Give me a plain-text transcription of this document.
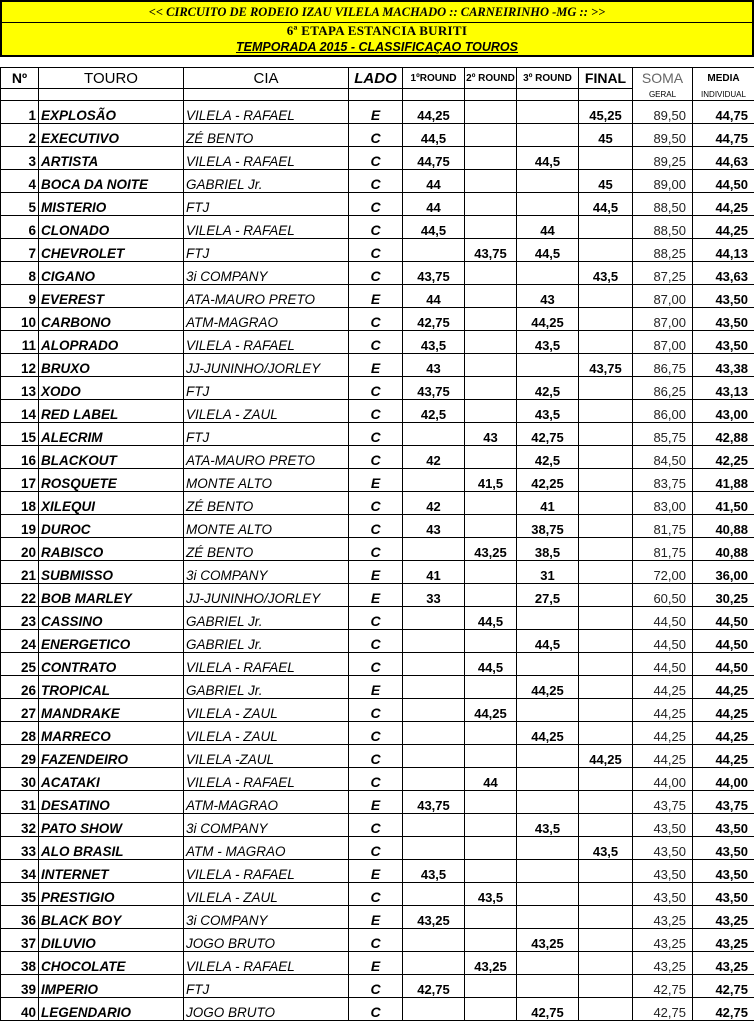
<< CIRCUITO DE RODEIO IZAU VILELA MACHADO :: CARNEIRINHO -MG :: >>
6ª ETAPA ESTANCIA BURITI
TEMPORADA 2015 - CLASSIFICAÇAO TOUROS
Nº	TOURO	CIA	LADO	1ºROUND	2º ROUND	3º ROUND	FINAL	SOMA	MEDIA
								GERAL	INDIVIDUAL
1	EXPLOSÃO	VILELA - RAFAEL	E	44,25			45,25	89,50	44,75
2	EXECUTIVO	ZÉ BENTO	C	44,5			45	89,50	44,75
3	ARTISTA	VILELA - RAFAEL	C	44,75		44,5		89,25	44,63
4	BOCA DA NOITE	GABRIEL Jr.	C	44			45	89,00	44,50
5	MISTERIO	FTJ	C	44			44,5	88,50	44,25
6	CLONADO	VILELA - RAFAEL	C	44,5		44		88,50	44,25
7	CHEVROLET	FTJ	C		43,75	44,5		88,25	44,13
8	CIGANO	3i COMPANY	C	43,75			43,5	87,25	43,63
9	EVEREST	ATA-MAURO PRETO	E	44		43		87,00	43,50
10	CARBONO	ATM-MAGRAO	C	42,75		44,25		87,00	43,50
11	ALOPRADO	VILELA - RAFAEL	C	43,5		43,5		87,00	43,50
12	BRUXO	JJ-JUNINHO/JORLEY	E	43			43,75	86,75	43,38
13	XODO	FTJ	C	43,75		42,5		86,25	43,13
14	RED LABEL	VILELA - ZAUL	C	42,5		43,5		86,00	43,00
15	ALECRIM	FTJ	C		43	42,75		85,75	42,88
16	BLACKOUT	ATA-MAURO PRETO	C	42		42,5		84,50	42,25
17	ROSQUETE	MONTE ALTO	E		41,5	42,25		83,75	41,88
18	XILEQUI	ZÉ BENTO	C	42		41		83,00	41,50
19	DUROC	MONTE ALTO	C	43		38,75		81,75	40,88
20	RABISCO	ZÉ BENTO	C		43,25	38,5		81,75	40,88
21	SUBMISSO	3i COMPANY	E	41		31		72,00	36,00
22	BOB MARLEY	JJ-JUNINHO/JORLEY	E	33		27,5		60,50	30,25
23	CASSINO	GABRIEL Jr.	C		44,5			44,50	44,50
24	ENERGETICO	GABRIEL Jr.	C			44,5		44,50	44,50
25	CONTRATO	VILELA - RAFAEL	C		44,5			44,50	44,50
26	TROPICAL	GABRIEL Jr.	E			44,25		44,25	44,25
27	MANDRAKE	VILELA - ZAUL	C		44,25			44,25	44,25
28	MARRECO	VILELA - ZAUL	C			44,25		44,25	44,25
29	FAZENDEIRO	VILELA -ZAUL	C				44,25	44,25	44,25
30	ACATAKI	VILELA - RAFAEL	C		44			44,00	44,00
31	DESATINO	ATM-MAGRAO	E	43,75				43,75	43,75
32	PATO SHOW	3i COMPANY	C			43,5		43,50	43,50
33	ALO BRASIL	ATM - MAGRAO	C				43,5	43,50	43,50
34	INTERNET	VILELA - RAFAEL	E	43,5				43,50	43,50
35	PRESTIGIO	VILELA - ZAUL	C		43,5			43,50	43,50
36	BLACK BOY	3i COMPANY	E	43,25				43,25	43,25
37	DILUVIO	JOGO BRUTO	C			43,25		43,25	43,25
38	CHOCOLATE	VILELA - RAFAEL	E		43,25			43,25	43,25
39	IMPERIO	FTJ	C	42,75				42,75	42,75
40	LEGENDARIO	JOGO BRUTO	C			42,75		42,75	42,75
